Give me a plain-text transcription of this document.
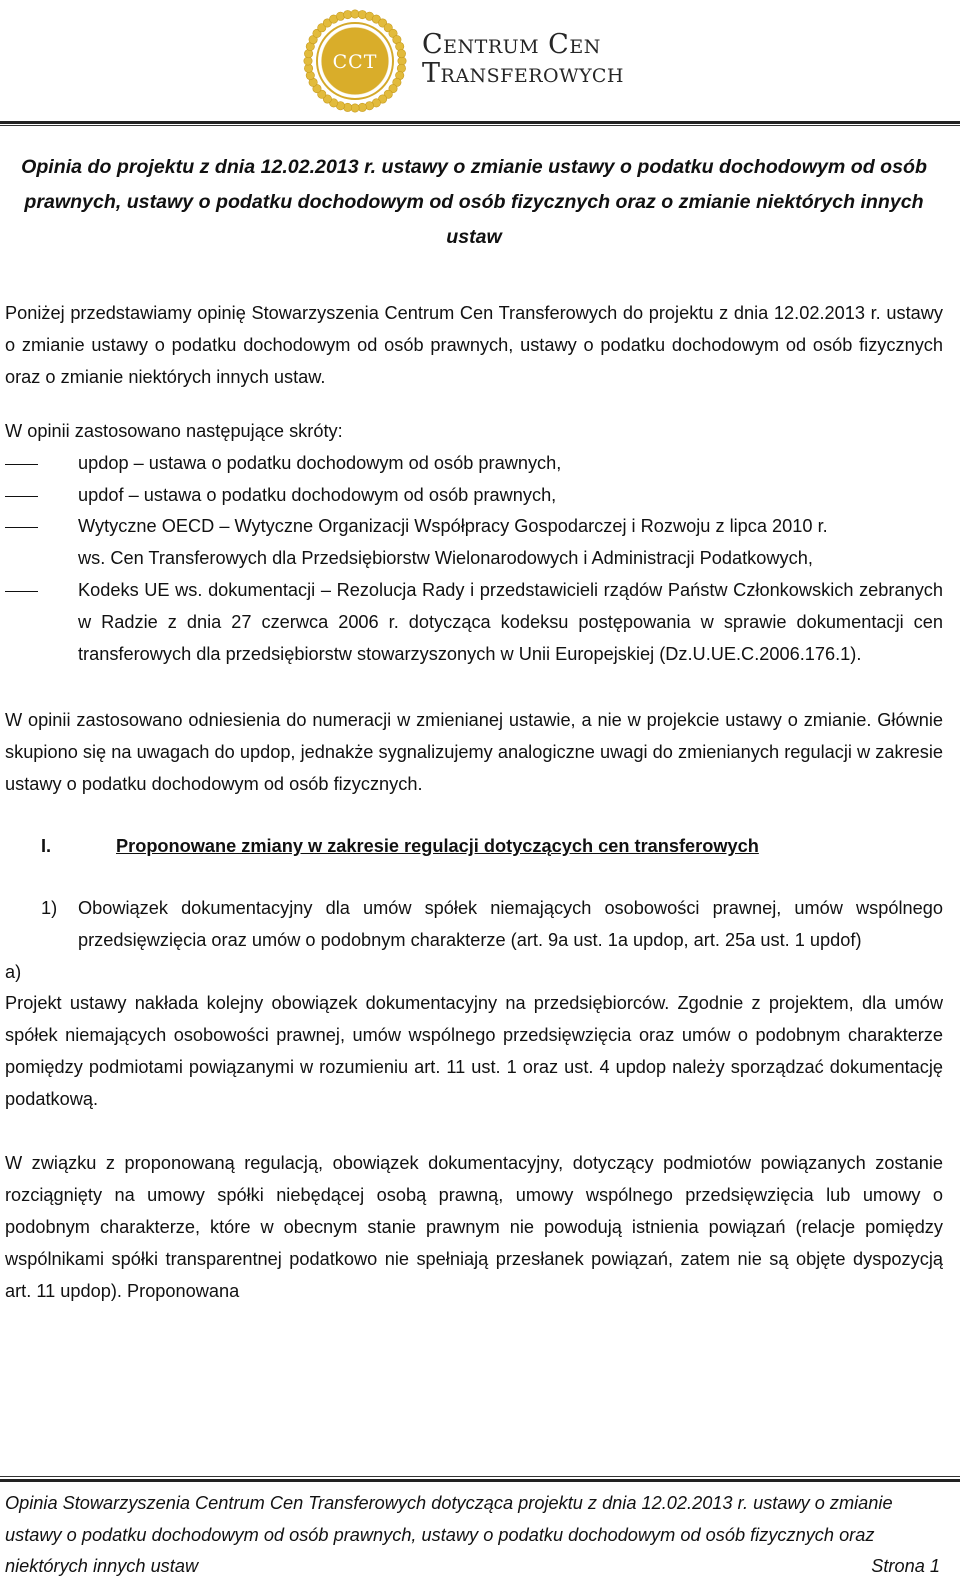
CCT
Centrum Cen
Transferowych
Opinia do projektu z dnia 12.02.2013 r. ustawy o zmianie ustawy o podatku dochodowym od osób prawnych, ustawy o podatku dochodowym od osób fizycznych oraz o zmianie niektórych innych ustaw

Poniżej przedstawiamy opinię Stowarzyszenia Centrum Cen Transferowych do projektu z dnia 12.02.2013 r. ustawy o zmianie ustawy o podatku dochodowym od osób prawnych, ustawy o podatku dochodowym od osób fizycznych oraz o zmianie niektórych innych ustaw.

W opinii zastosowano następujące skróty:

updop – ustawa o podatku dochodowym od osób prawnych,
updof – ustawa o podatku dochodowym od osób prawnych,
Wytyczne OECD – Wytyczne Organizacji Współpracy Gospodarczej i Rozwoju z lipca 2010 r.
ws. Cen Transferowych dla Przedsiębiorstw Wielonarodowych i Administracji Podatkowych,
Kodeks UE ws. dokumentacji – Rezolucja Rady i przedstawicieli rządów Państw Członkowskich zebranych w Radzie z dnia 27 czerwca 2006 r. dotycząca kodeksu postępowania w sprawie dokumentacji cen transferowych dla przedsiębiorstw stowarzyszonych w Unii Europejskiej (Dz.U.UE.C.2006.176.1).

W opinii zastosowano odniesienia do numeracji w zmienianej ustawie, a nie w projekcie ustawy o zmianie. Głównie skupiono się na uwagach do updop, jednakże sygnalizujemy analogiczne uwagi do zmienianych regulacji w zakresie ustawy o podatku dochodowym od osób fizycznych.

I.	Proponowane zmiany w zakresie regulacji dotyczących cen transferowych
1) Obowiązek dokumentacyjny dla umów spółek niemających osobowości prawnej, umów wspólnego przedsięwzięcia oraz umów o podobnym charakterze (art. 9a ust. 1a updop, art. 25a ust. 1 updof)

a)

Projekt ustawy nakłada kolejny obowiązek dokumentacyjny na przedsiębiorców. Zgodnie z projektem, dla umów spółek niemających osobowości prawnej, umów wspólnego przedsięwzięcia oraz umów o podobnym charakterze pomiędzy podmiotami powiązanymi w rozumieniu art. 11 ust. 1 oraz ust. 4 updop należy sporządzać dokumentację podatkową.

W związku z proponowaną regulacją, obowiązek dokumentacyjny, dotyczący podmiotów powiązanych zostanie rozciągnięty na umowy spółki niebędącej osobą prawną, umowy wspólnego przedsięwzięcia lub umowy o podobnym charakterze, które w obecnym stanie prawnym nie powodują istnienia powiązań (relacje pomiędzy wspólnikami spółki transparentnej podatkowo nie spełniają przesłanek powiązań, zatem nie są objęte dyspozycją art. 11 updop). Proponowana

Opinia Stowarzyszenia Centrum Cen Transferowych dotycząca projektu z dnia 12.02.2013 r. ustawy o zmianie ustawy o podatku dochodowym od osób prawnych, ustawy o podatku dochodowym od osób fizycznych oraz niektórych innych ustaw	Strona 1
